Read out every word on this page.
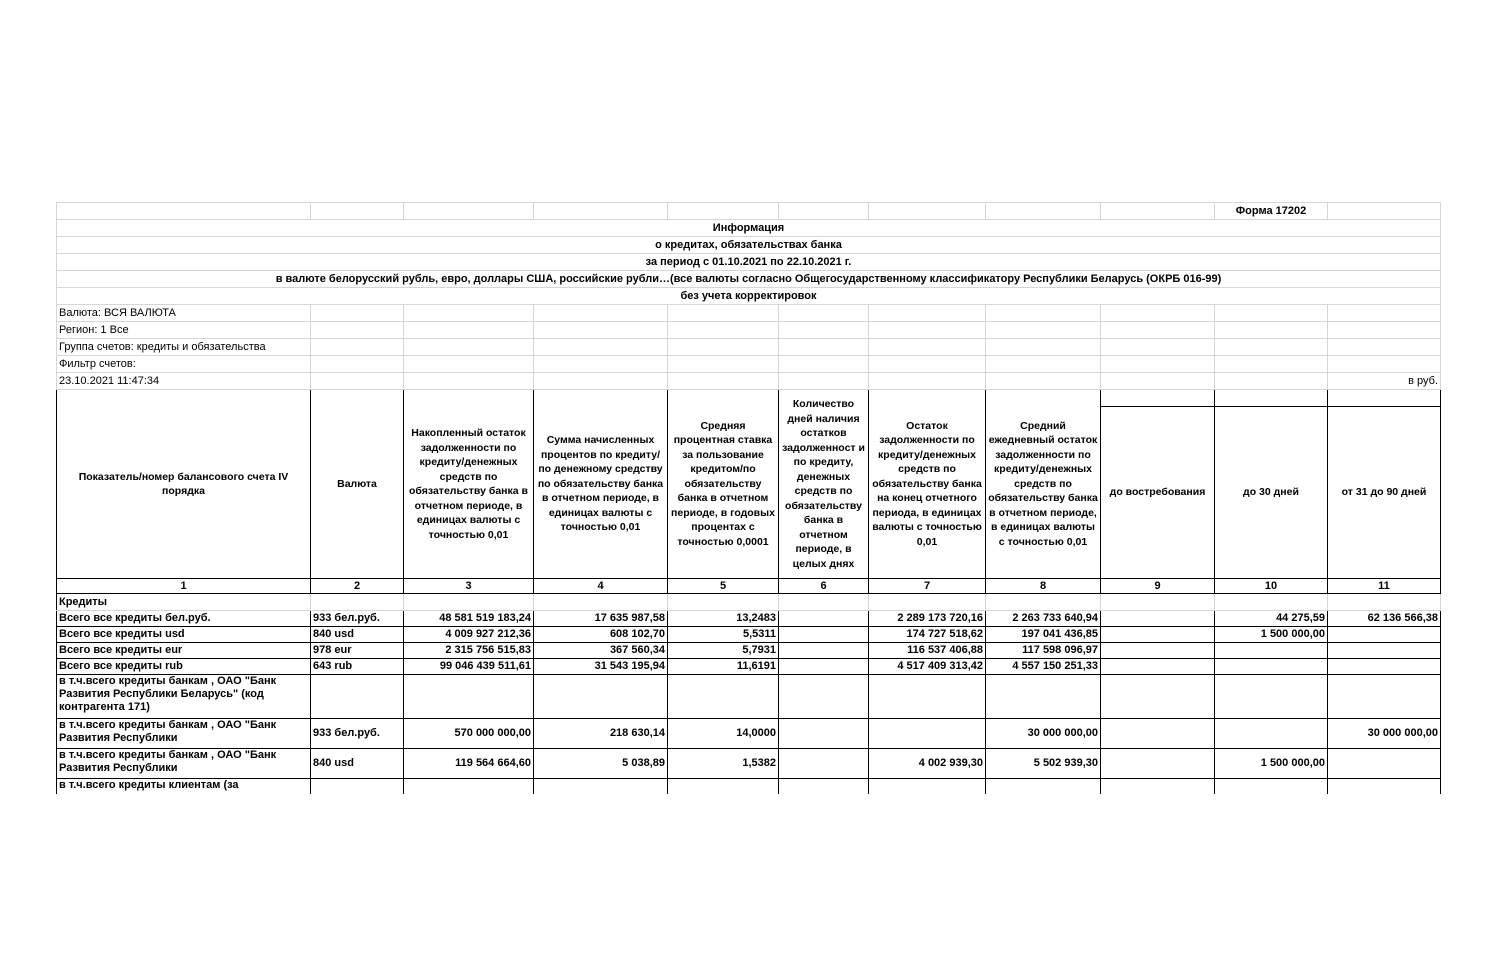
									Форма 17202		
Информация											
о кредитах, обязательствах банка											
за период с 01.10.2021 по 22.10.2021 г.											
в валюте белорусский рубль, евро, доллары США, российские рубли…(все валюты согласно Общегосударственному классификатору Республики Беларусь (ОКРБ 016-99)											
без учета корректировок											
Валюта: ВСЯ ВАЛЮТА											
Регион: 1 Все											
Группа счетов: кредиты и обязательства											
Фильтр счетов:											
23.10.2021 11:47:34										в руб.	
Показатель/номер балансового счета IV порядка	Валюта	Накопленный остаток задолженности по кредиту/денежных средств по обязательству банка в отчетном периоде, в единицах валюты с точностью 0,01	Сумма начисленных процентов по кредиту/по денежному средству по обязательству банка в отчетном периоде, в единицах валюты с точностью 0,01	Средняя процентная ставка за пользование кредитом/по обязательству банка в отчетном периоде, в годовых процентах с точностью 0,0001	Количество дней наличия остатков задолженност и по кредиту, денежных средств по обязательству банка в отчетном периоде, в целых днях	Остаток задолженности по кредиту/денежных средств по обязательству банка на конец отчетного периода, в единицах валюты с точностью 0,01	Средний ежедневный остаток задолженности по кредиту/денежных средств по обязательству банка в отчетном периоде, в единицах валюты с точностью 0,01	до востребования	до 30 дней	от 31 до 90 дней	

1	2	3	4	5	6	7	8	9	10	11	
Кредиты											
Всего все кредиты бел.руб.	933 бел.руб.	48 581 519 183,24	17 635 987,58	13,2483		2 289 173 720,16	2 263 733 640,94		44 275,59	62 136 566,38	
Всего все кредиты usd	840 usd	4 009 927 212,36	608 102,70	5,5311		174 727 518,62	197 041 436,85		1 500 000,00		
Всего все кредиты eur	978 eur	2 315 756 515,83	367 560,34	5,7931		116 537 406,88	117 598 096,97				
Всего все кредиты rub	643 rub	99 046 439 511,61	31 543 195,94	11,6191		4 517 409 313,42	4 557 150 251,33				
в т.ч.всего кредиты банкам , ОАО "Банк Развития Республики Беларусь" (код контрагента 171)											
в т.ч.всего кредиты банкам , ОАО "Банк Развития Республики	933 бел.руб.	570 000 000,00	218 630,14	14,0000			30 000 000,00			30 000 000,00	
в т.ч.всего кредиты банкам , ОАО "Банк Развития Республики	840 usd	119 564 664,60	5 038,89	1,5382		4 002 939,30	5 502 939,30		1 500 000,00		
в т.ч.всего кредиты клиентам (за											
